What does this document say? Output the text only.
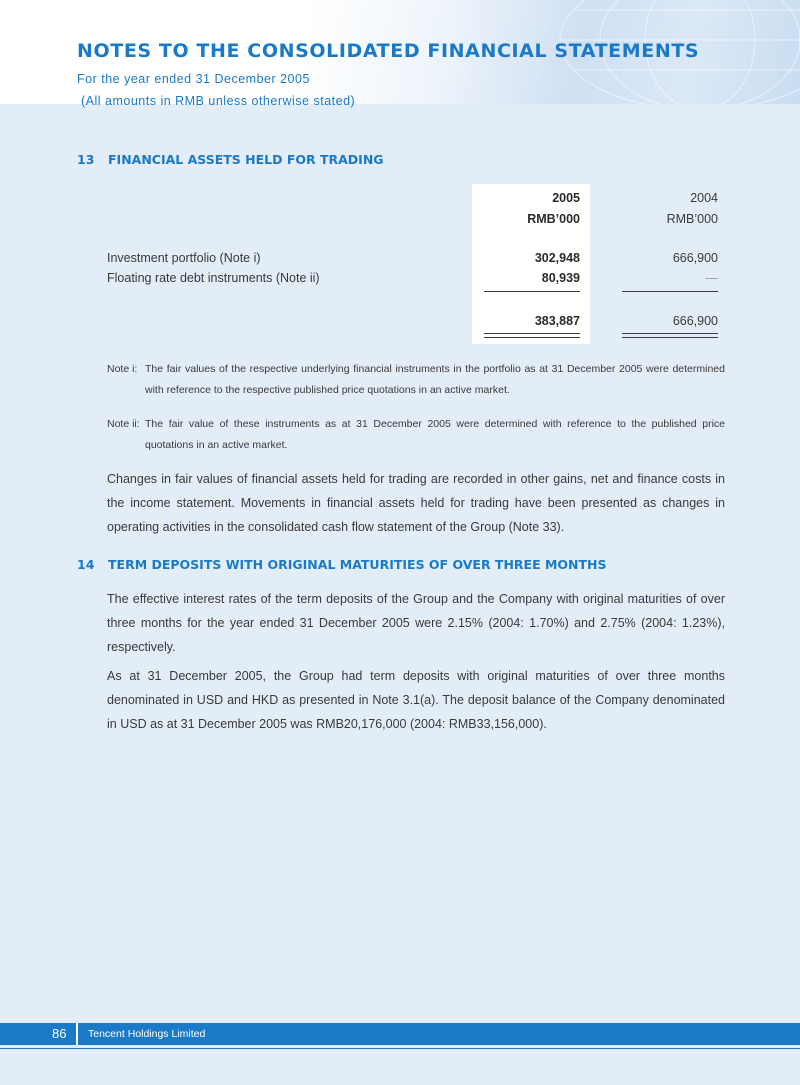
NOTES TO THE CONSOLIDATED FINANCIAL STATEMENTS
For the year ended 31 December 2005
(All amounts in RMB unless otherwise stated)
13 FINANCIAL ASSETS HELD FOR TRADING
2005	2004
RMB’000	RMB’000
Investment portfolio (Note i)	302,948	666,900
Floating rate debt instruments (Note ii)	80,939	—
383,887	666,900
Note i: The fair values of the respective underlying financial instruments in the portfolio as at 31 December 2005 were determined with reference to the respective published price quotations in an active market.
Note ii: The fair value of these instruments as at 31 December 2005 were determined with reference to the published price quotations in an active market.
Changes in fair values of financial assets held for trading are recorded in other gains, net and finance costs in the income statement. Movements in financial assets held for trading have been presented as changes in operating activities in the consolidated cash flow statement of the Group (Note 33).
14 TERM DEPOSITS WITH ORIGINAL MATURITIES OF OVER THREE MONTHS
The effective interest rates of the term deposits of the Group and the Company with original maturities of over three months for the year ended 31 December 2005 were 2.15% (2004: 1.70%) and 2.75% (2004: 1.23%), respectively.
As at 31 December 2005, the Group had term deposits with original maturities of over three months denominated in USD and HKD as presented in Note 3.1(a). The deposit balance of the Company denominated in USD as at 31 December 2005 was RMB20,176,000 (2004: RMB33,156,000).
86 Tencent Holdings Limited
